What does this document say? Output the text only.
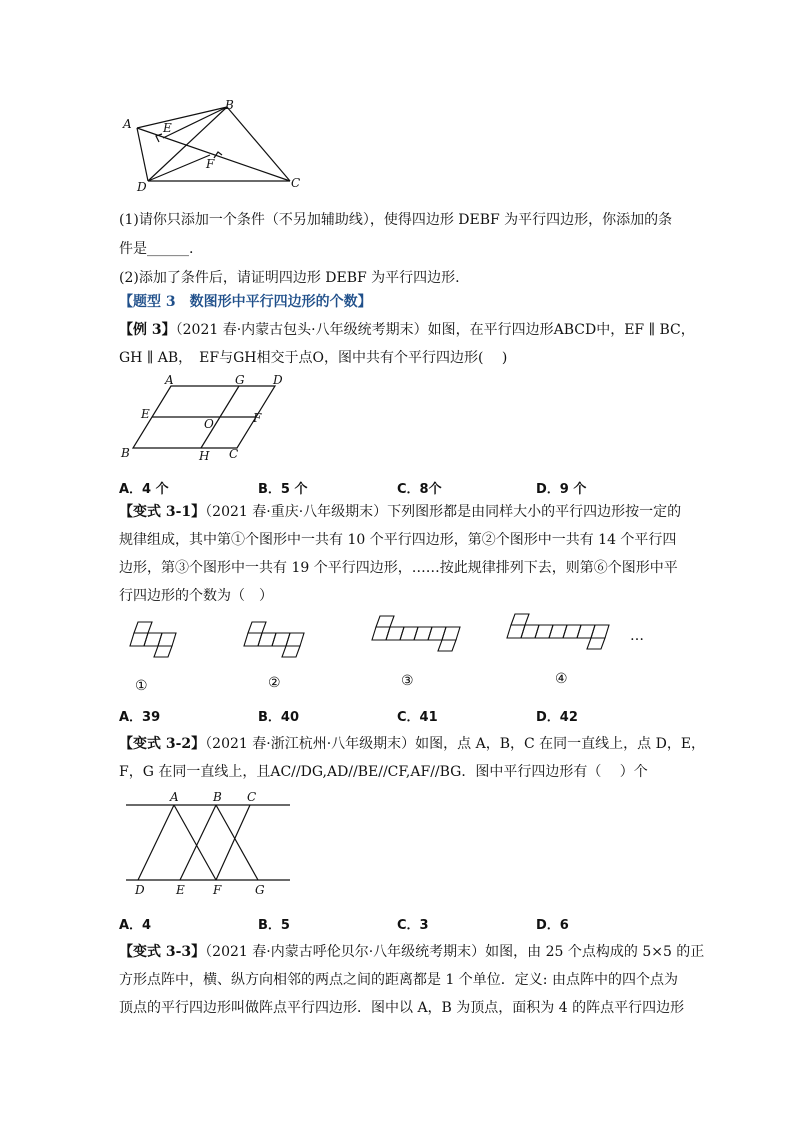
A
B
C
D
E
F
(1)请你只添加一个条件（不另加辅助线），使得四边形 DEBF 为平行四边形，你添加的条
件是______.
(2)添加了条件后，请证明四边形 DEBF 为平行四边形.
【题型 3　数图形中平行四边形的个数】
【例 3】（2021 春·内蒙古包头·八年级统考期末）如图，在平行四边形ABCD中，EF ∥ BC，
GH ∥ AB，　EF与GH相交于点O，图中共有个平行四边形(　 )
A	G D
E
O	F
B	H C
A．4 个	B．5 个	C．8个	D．9 个
【变式 3-1】（2021 春·重庆·八年级期末）下列图形都是由同样大小的平行四边形按一定的
规律组成，其中第①个图形中一共有 10 个平行四边形，第②个图形中一共有 14 个平行四
边形，第③个图形中一共有 19 个平行四边形，……按此规律排列下去，则第⑥个图形中平
行四边形的个数为（　）
…
①	②	③	④
A．39	B．40	C．41	D．42
【变式 3-2】（2021 春·浙江杭州·八年级期末）如图，点 A，B，C 在同一直线上，点 D，E，
F，G 在同一直线上，且AC//DG,AD//BE//CF,AF//BG．图中平行四边形有（　 ）个
A	B C
D	E F	G
A．4	B．5	C．3	D．6
【变式 3-3】（2021 春·内蒙古呼伦贝尔·八年级统考期末）如图，由 25 个点构成的 5×5 的正
方形点阵中，横、纵方向相邻的两点之间的距离都是 1 个单位．定义: 由点阵中的四个点为
顶点的平行四边形叫做阵点平行四边形．图中以 A，B 为顶点，面积为 4 的阵点平行四边形
